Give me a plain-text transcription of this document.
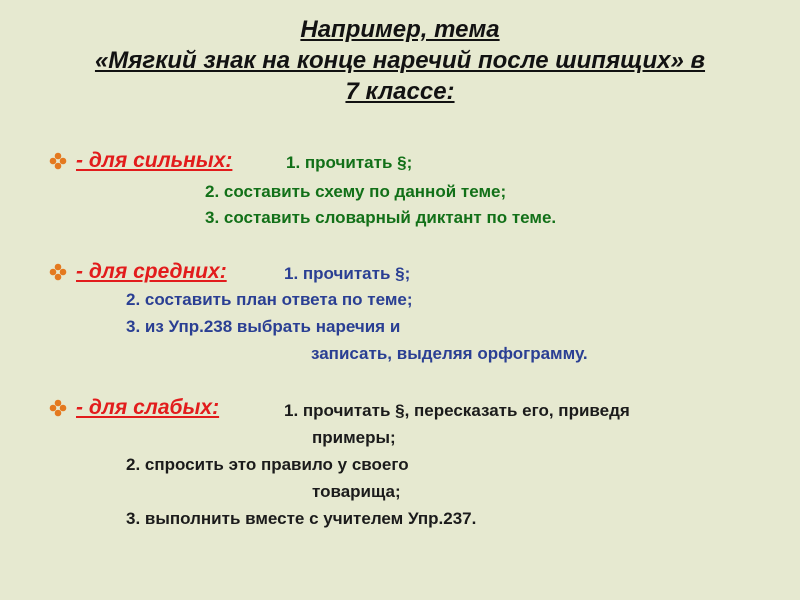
Например, тема
«Мягкий знак на конце наречий после шипящих» в
7 классе:
- для сильных:	1. прочитать §;
2. составить схему по данной теме;
3. составить словарный диктант по теме.
- для средних:	1. прочитать §;
2. составить план ответа по теме;
3. из Упр.238 выбрать наречия и
записать, выделяя орфограмму.
- для слабых:	1. прочитать §, пересказать его, приведя
примеры;
2. спросить это правило у своего
товарища;
3. выполнить вместе с учителем Упр.237.
